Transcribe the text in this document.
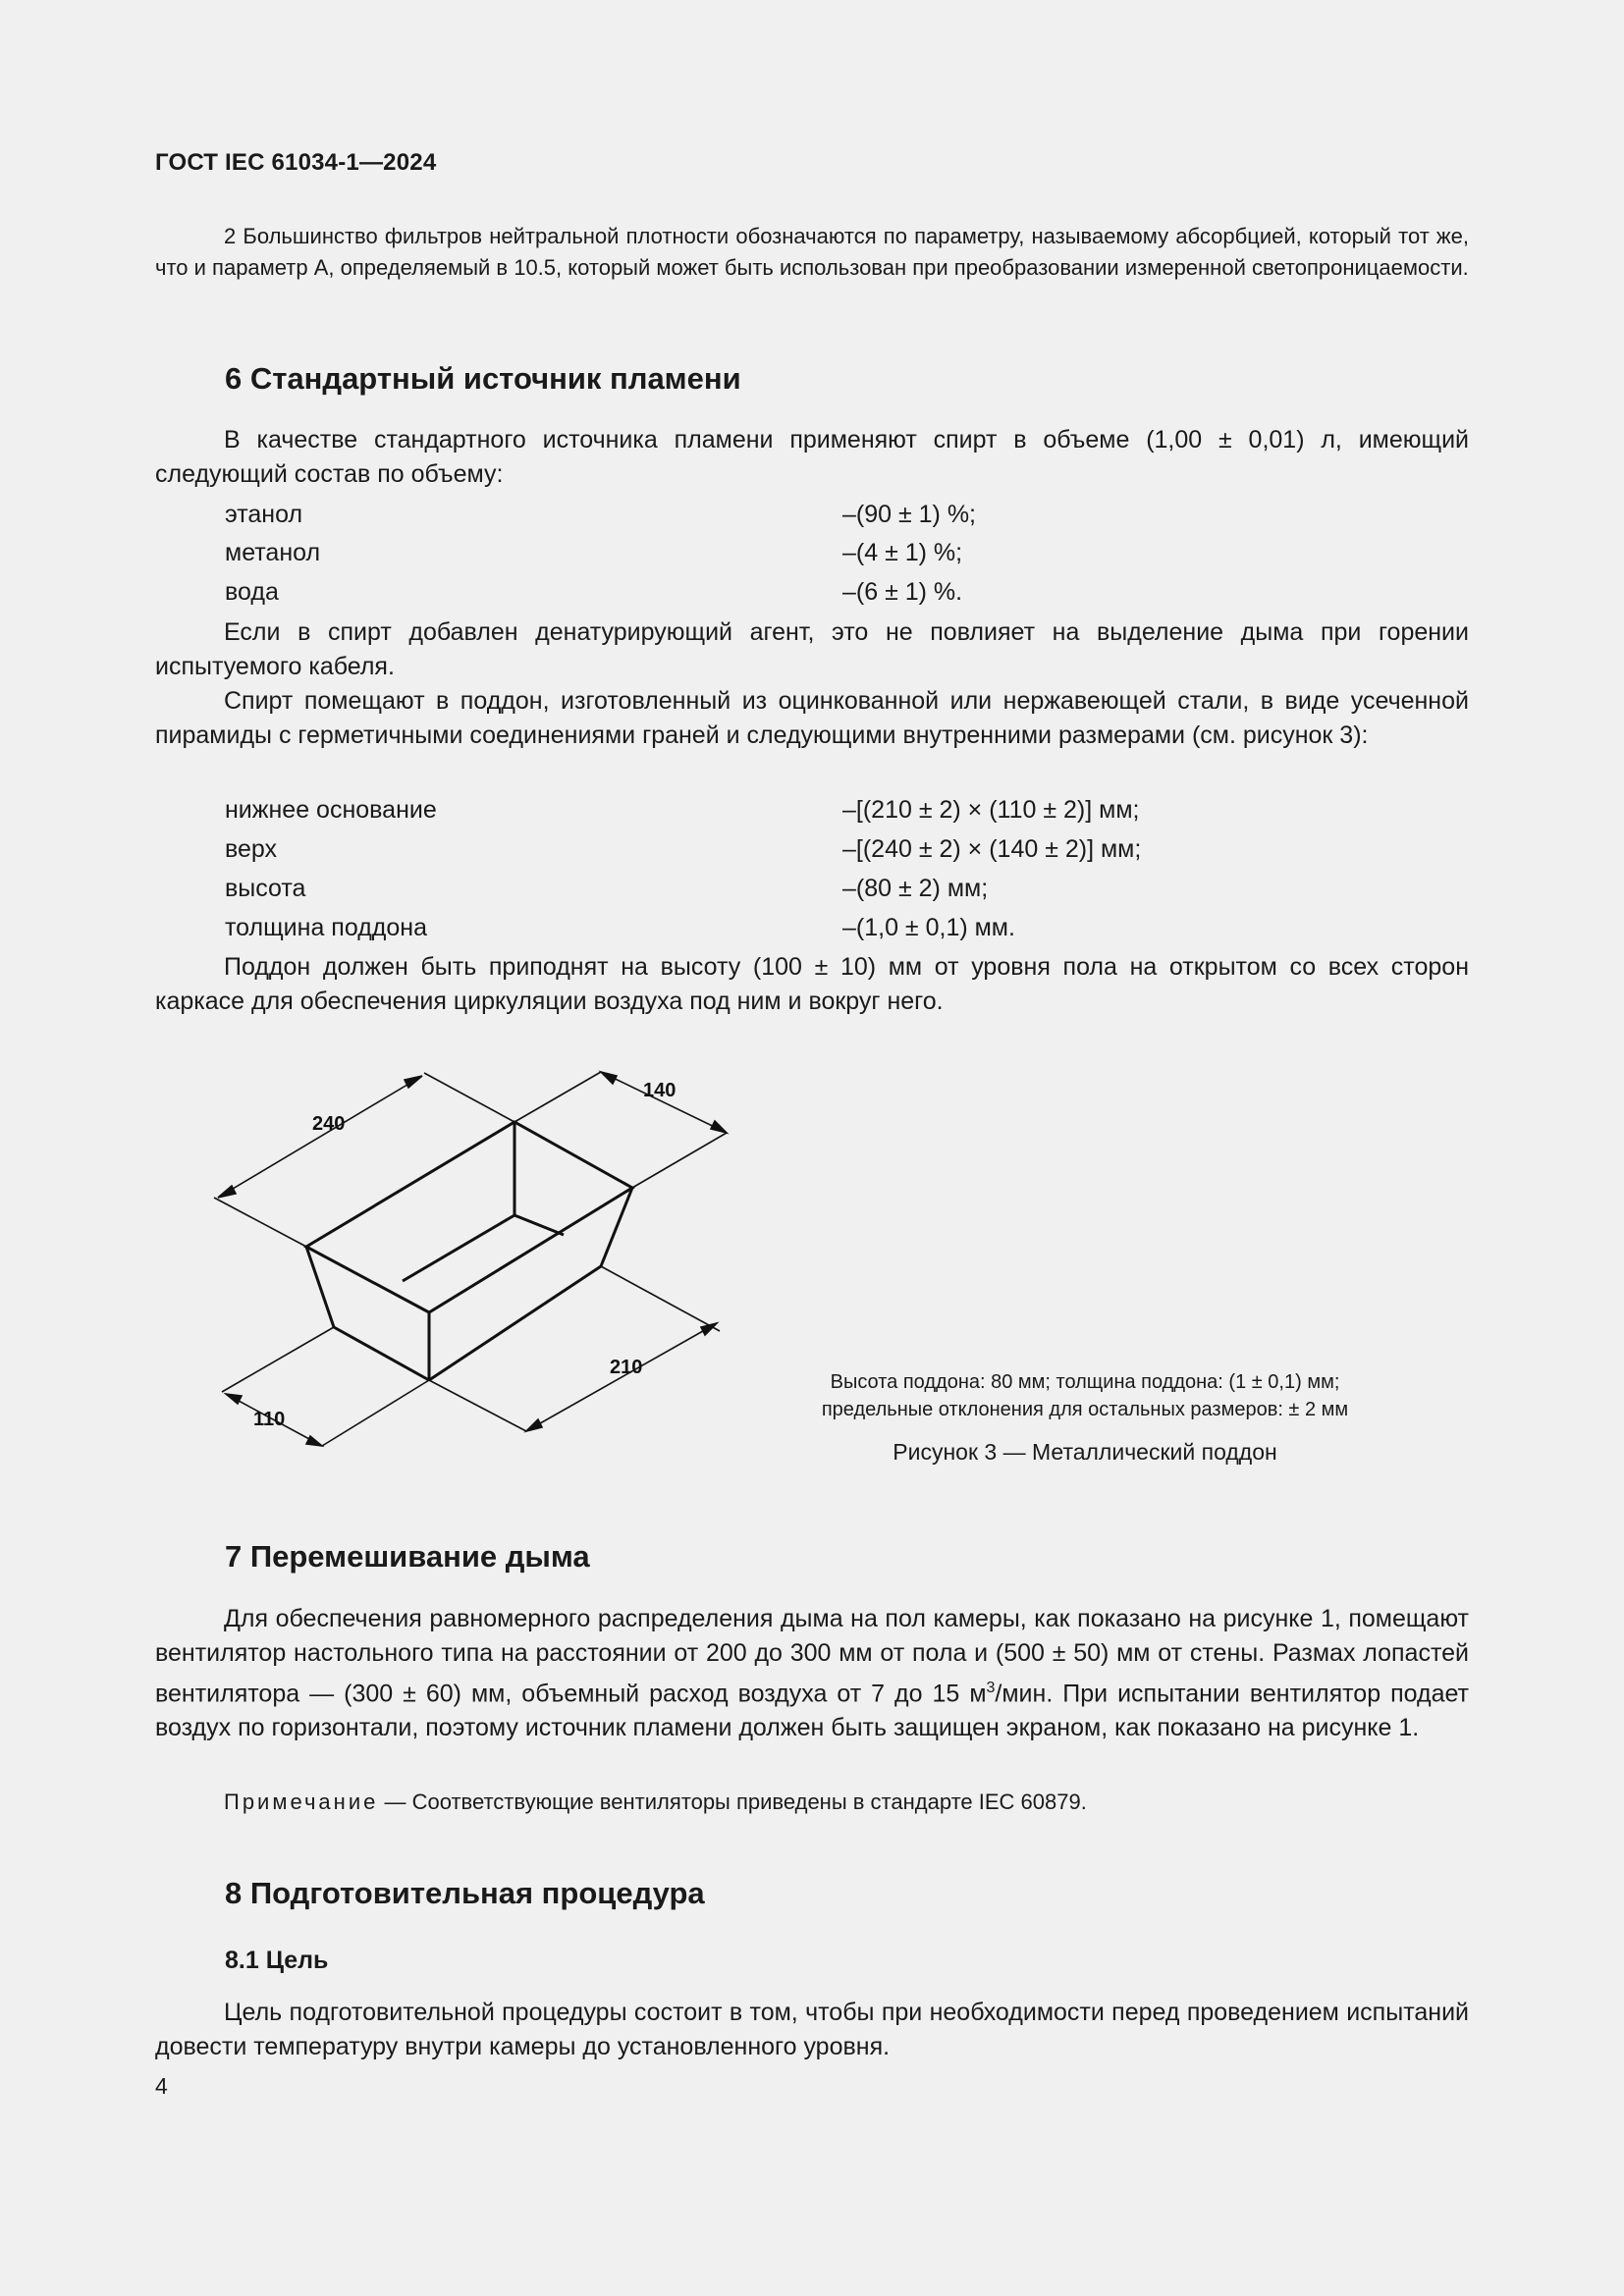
ГОСТ IEC 61034-1—2024
2 Большинство фильтров нейтральной плотности обозначаются по параметру, называемому абсорбцией, который тот же, что и параметр А, определяемый в 10.5, который может быть использован при преобразовании измеренной светопроницаемости.
6 Стандартный источник пламени
В качестве стандартного источника пламени применяют спирт в объеме (1,00 ± 0,01) л, имеющий следующий состав по объему:
этанол	–(90 ± 1) %;
метанол	–(4 ± 1) %;
вода	–(6 ± 1) %.
Если в спирт добавлен денатурирующий агент, это не повлияет на выделение дыма при горении испытуемого кабеля.
Спирт помещают в поддон, изготовленный из оцинкованной или нержавеющей стали, в виде усеченной пирамиды с герметичными соединениями граней и следующими внутренними размерами (см. рисунок 3):
нижнее основание	–[(210 ± 2) × (110 ± 2)] мм;
верх	–[(240 ± 2) × (140 ± 2)] мм;
высота	–(80 ± 2) мм;
толщина поддона	–(1,0 ± 0,1) мм.
Поддон должен быть приподнят на высоту (100 ± 10) мм от уровня пола на открытом со всех сторон каркасе для обеспечения циркуляции воздуха под ним и вокруг него.
240
140
210
110
Высота поддона: 80 мм; толщина поддона: (1 ± 0,1) мм;
предельные отклонения для остальных размеров: ± 2 мм
Рисунок 3 — Металлический поддон
7 Перемешивание дыма
Для обеспечения равномерного распределения дыма на пол камеры, как показано на рисунке 1, помещают вентилятор настольного типа на расстоянии от 200 до 300 мм от пола и (500 ± 50) мм от стены. Размах лопастей вентилятора — (300 ± 60) мм, объемный расход воздуха от 7 до 15 $м^3$/мин. При испытании вентилятор подает воздух по горизонтали, поэтому источник пламени должен быть защищен экраном, как показано на рисунке 1.
Примечание — Соответствующие вентиляторы приведены в стандарте IEC 60879.
8 Подготовительная процедура
8.1 Цель
Цель подготовительной процедуры состоит в том, чтобы при необходимости перед проведением испытаний довести температуру внутри камеры до установленного уровня.
4
